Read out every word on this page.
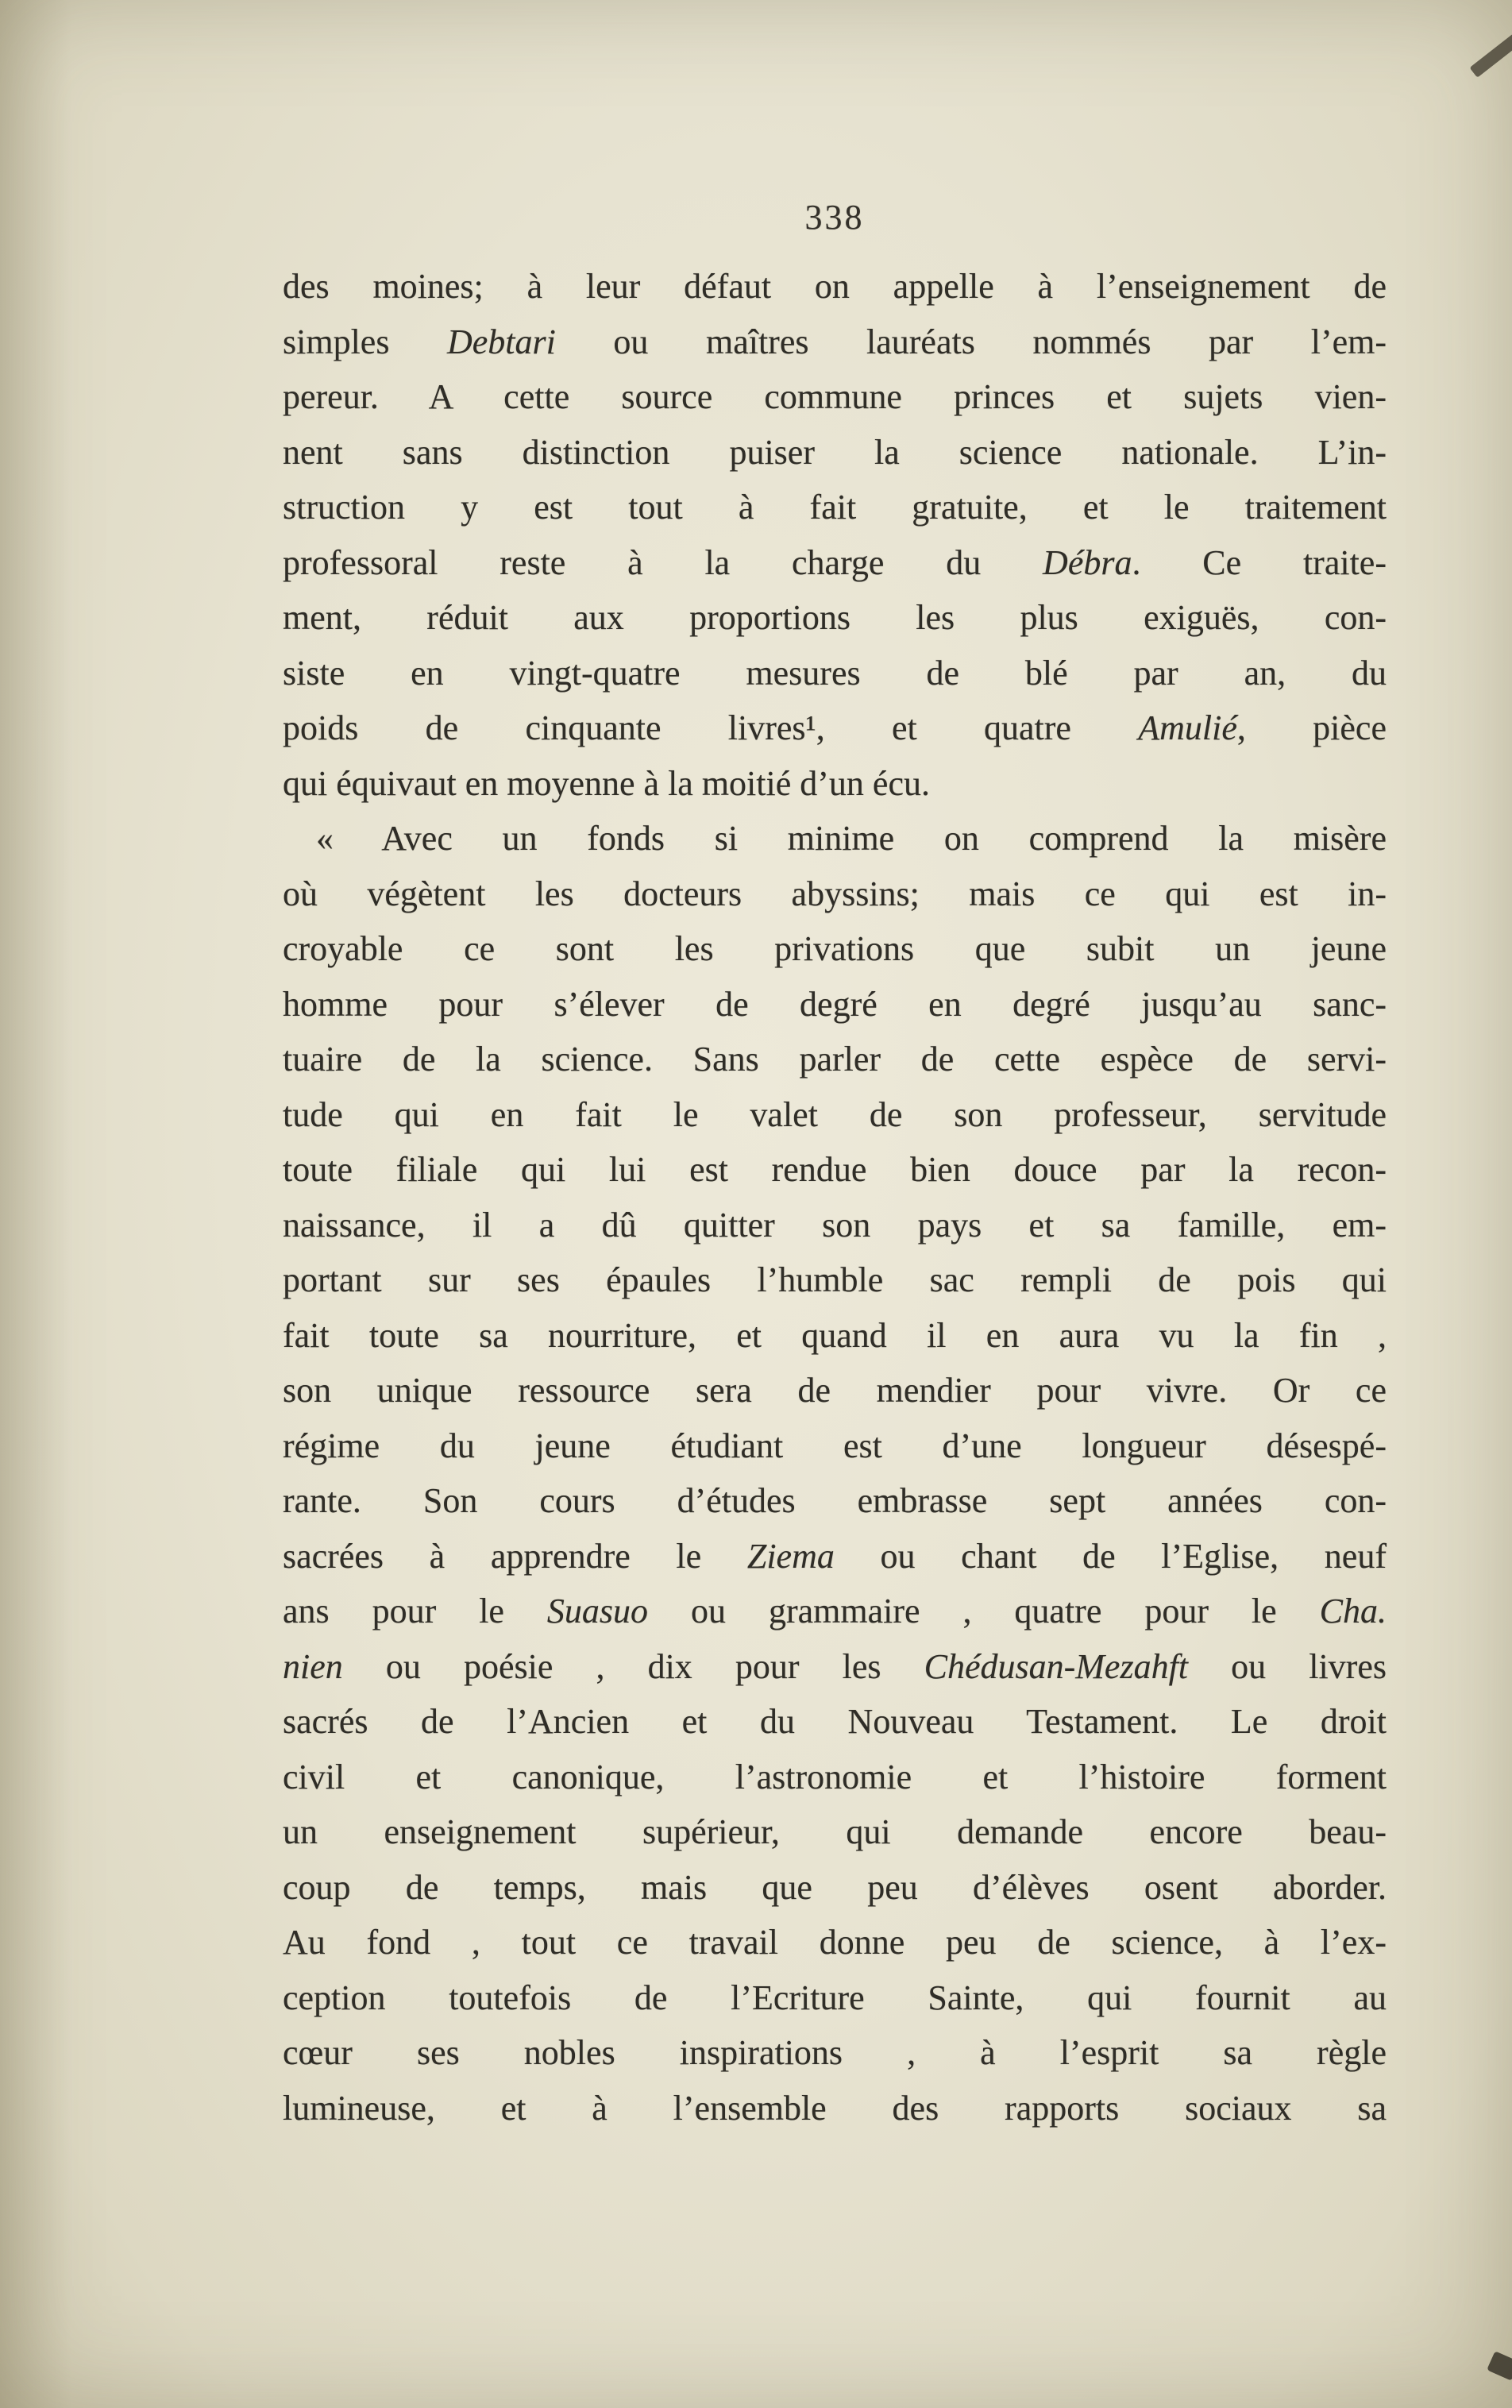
338
des moines; à leur défaut on appelle à l’enseignement de
simples Debtari ou maîtres lauréats nommés par l’em-
pereur. A cette source commune princes et sujets vien-
nent sans distinction puiser la science nationale. L’in-
struction y est tout à fait gratuite, et le traitement
professoral reste à la charge du Débra. Ce traite-
ment, réduit aux proportions les plus exiguës, con-
siste en vingt-quatre mesures de blé par an, du
poids de cinquante livres¹, et quatre Amulié, pièce
qui équivaut en moyenne à la moitié d’un écu.
« Avec un fonds si minime on comprend la misère
où végètent les docteurs abyssins; mais ce qui est in-
croyable ce sont les privations que subit un jeune
homme pour s’élever de degré en degré jusqu’au sanc-
tuaire de la science. Sans parler de cette espèce de servi-
tude qui en fait le valet de son professeur, servitude
toute filiale qui lui est rendue bien douce par la recon-
naissance, il a dû quitter son pays et sa famille, em-
portant sur ses épaules l’humble sac rempli de pois qui
fait toute sa nourriture, et quand il en aura vu la fin ,
son unique ressource sera de mendier pour vivre. Or ce
régime du jeune étudiant est d’une longueur désespé-
rante. Son cours d’études embrasse sept années con-
sacrées à apprendre le Ziema ou chant de l’Eglise, neuf
ans pour le Suasuo ou grammaire , quatre pour le Cha.
nien ou poésie , dix pour les Chédusan-Mezahft ou livres
sacrés de l’Ancien et du Nouveau Testament. Le droit
civil et canonique, l’astronomie et l’histoire forment
un enseignement supérieur, qui demande encore beau-
coup de temps, mais que peu d’élèves osent aborder.
Au fond , tout ce travail donne peu de science, à l’ex-
ception toutefois de l’Ecriture Sainte, qui fournit au
cœur ses nobles inspirations , à l’esprit sa règle
lumineuse, et à l’ensemble des rapports sociaux sa
